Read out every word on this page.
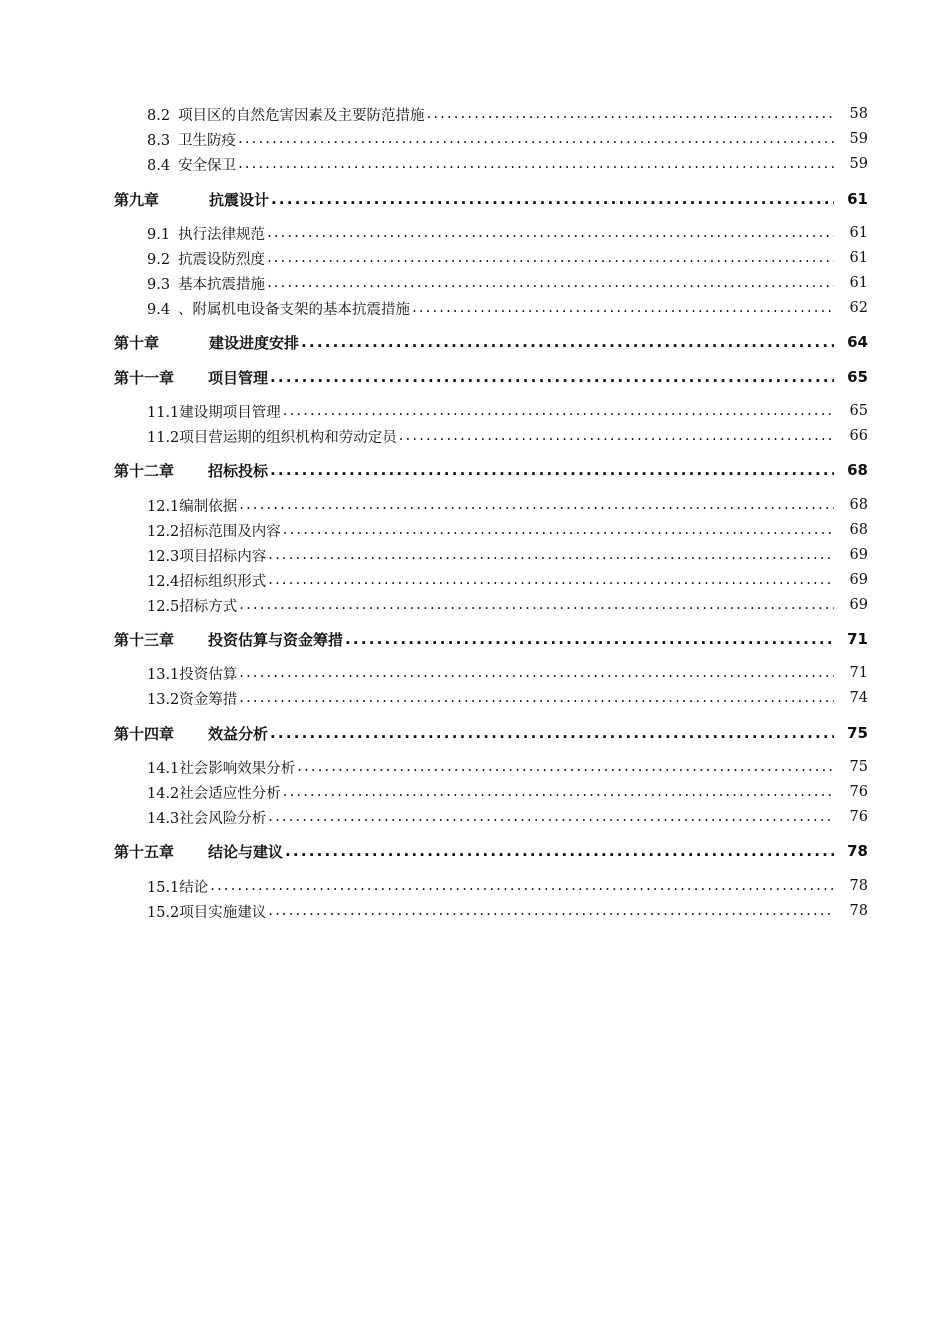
8.2 项目区的自然危害因素及主要防范措施 .....	58
8.3 卫生防疫 .....	59
8.4 安全保卫 .....	59
第九章	抗震设计 .....	61
9.1 执行法律规范 .....	61
9.2 抗震设防烈度 .....	61
9.3 基本抗震措施 .....	61
9.4 、附属机电设备支架的基本抗震措施 .....	62
第十章	建设进度安排 .....	64
第十一章 项目管理 .....	65
11.1建设期项目管理 .....	65
11.2项目营运期的组织机构和劳动定员 .....	66
第十二章 招标投标 .....	68
12.1编制依据 .....	68
12.2招标范围及内容 .....	68
12.3项目招标内容 .....	69
12.4招标组织形式 .....	69
12.5招标方式 .....	69
第十三章 投资估算与资金筹措 .....	71
13.1投资估算 .....	71
13.2资金筹措 .....	74
第十四章 效益分析 .....	75
14.1社会影响效果分析 .....	75
14.2社会适应性分析 .....	76
14.3社会风险分析 .....	76
第十五章 结论与建议 .....	78
15.1结论 .....	78
15.2项目实施建议 .....	78
